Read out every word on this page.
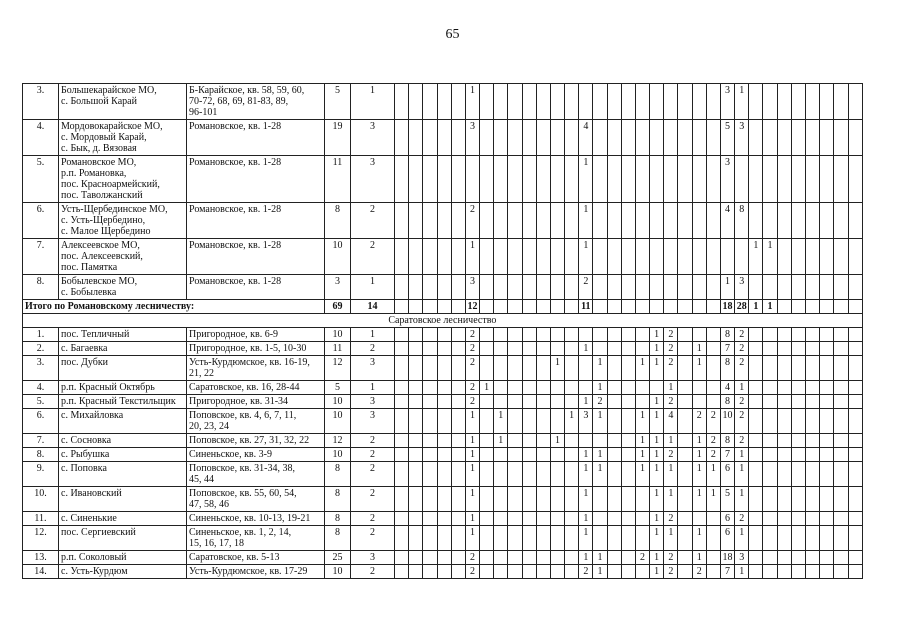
65
3.	Большекарайское МО,
с. Большой Карай	Б-Карайское, кв. 58, 59, 60,
70-72, 68, 69, 81-83, 89,
96-101	5	1						1																		3	1								
4.	Мордовокарайское МО,
с. Мордовый Карай,
с. Бык, д. Вязовая	Романовское, кв. 1-28	19	3						3								4										5	3								
5.	Романовское МО,
р.п. Романовка,
пос. Красноармейский,
пос. Таволжанский	Романовское, кв. 1-28	11	3														1										3									
6.	Усть-Щербединское МО,
с. Усть-Щербедино,
с. Малое Щербедино	Романовское, кв. 1-28	8	2						2								1										4	8								
7.	Алексеевское МО,
пос. Алексеевский,
пос. Памятка	Романовское, кв. 1-28	10	2						1								1												1	1						
8.	Бобылевское МО,
с. Бобылевка	Романовское, кв. 1-28	3	1						3								2										1	3								
Итого по Романовскому лесничеству:			69	14						12								11										18	28	1	1						
Саратовское лесничество																																					
1.	пос. Тепличный	Пригородное, кв. 6-9	10	1						2													1	2				8	2								
2.	с. Багаевка	Пригородное, кв. 1-5, 10-30	11	2						2								1					1	2		1		7	2								
3.	пос. Дубки	Усть-Курдюмское, кв. 16-19,
21, 22	12	3						2						1			1			1	1	2		1		8	2								
4.	р.п. Красный Октябрь	Саратовское, кв. 16, 28-44	5	1						2	1								1					1				4	1								
5.	р.п. Красный Текстильщик	Пригородное, кв. 31-34	10	3						2								1	2				1	2				8	2								
6.	с. Михайловка	Поповское, кв. 4, 6, 7, 11,
20, 23, 24	10	3						1		1					1	3	1			1	1	4		2	2	10	2								
7.	с. Сосновка	Поповское, кв. 27, 31, 32, 22	12	2						1		1				1						1	1	1		1	2	8	2								
8.	с. Рыбушка	Синеньское, кв. 3-9	10	2						1								1	1			1	1	2		1	2	7	1								
9.	с. Поповка	Поповское, кв. 31-34, 38,
45, 44	8	2						1								1	1			1	1	1		1	1	6	1								
10.	с. Ивановский	Поповское, кв. 55, 60, 54,
47, 58, 46	8	2						1								1					1	1		1	1	5	1								
11.	с. Синенькие	Синеньское, кв. 10-13, 19-21	8	2						1								1					1	2				6	2								
12.	пос. Сергиевский	Синеньское, кв. 1, 2, 14,
15, 16, 17, 18	8	2						1								1					1	1		1		6	1								
13.	р.п. Соколовый	Саратовское, кв. 5-13	25	3						2								1	1			2	1	2		1		18	3								
14.	с. Усть-Курдюм	Усть-Курдюмское, кв. 17-29	10	2						2								2	1				1	2		2		7	1								
